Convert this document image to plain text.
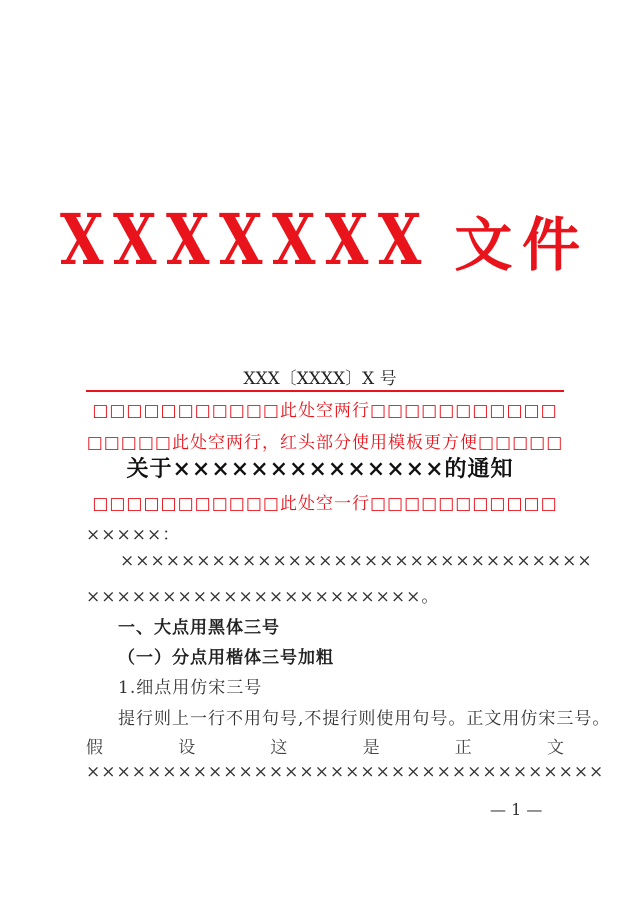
X X X X X X X 文 件
XXX〔XXXX〕X 号
□□□□□□□□□□□此处空两行□□□□□□□□□□□
□□□□□此处空两行，红头部分使用模板更方便□□□□□
关于××××××××××××××的通知
□□□□□□□□□□□此处空一行□□□□□□□□□□□
×××××：
×××××××××××××××××××××××××××××××
××××××××××××××××××××××。
一、大点用黑体三号
（一）分点用楷体三号加粗
1.细点用仿宋三号
提行则上一行不用句号,不提行则使用句号。正文用仿宋三号。
假	设	这	是	正	文
××××××××××××××××××××××××××××××××××
— 1 —
